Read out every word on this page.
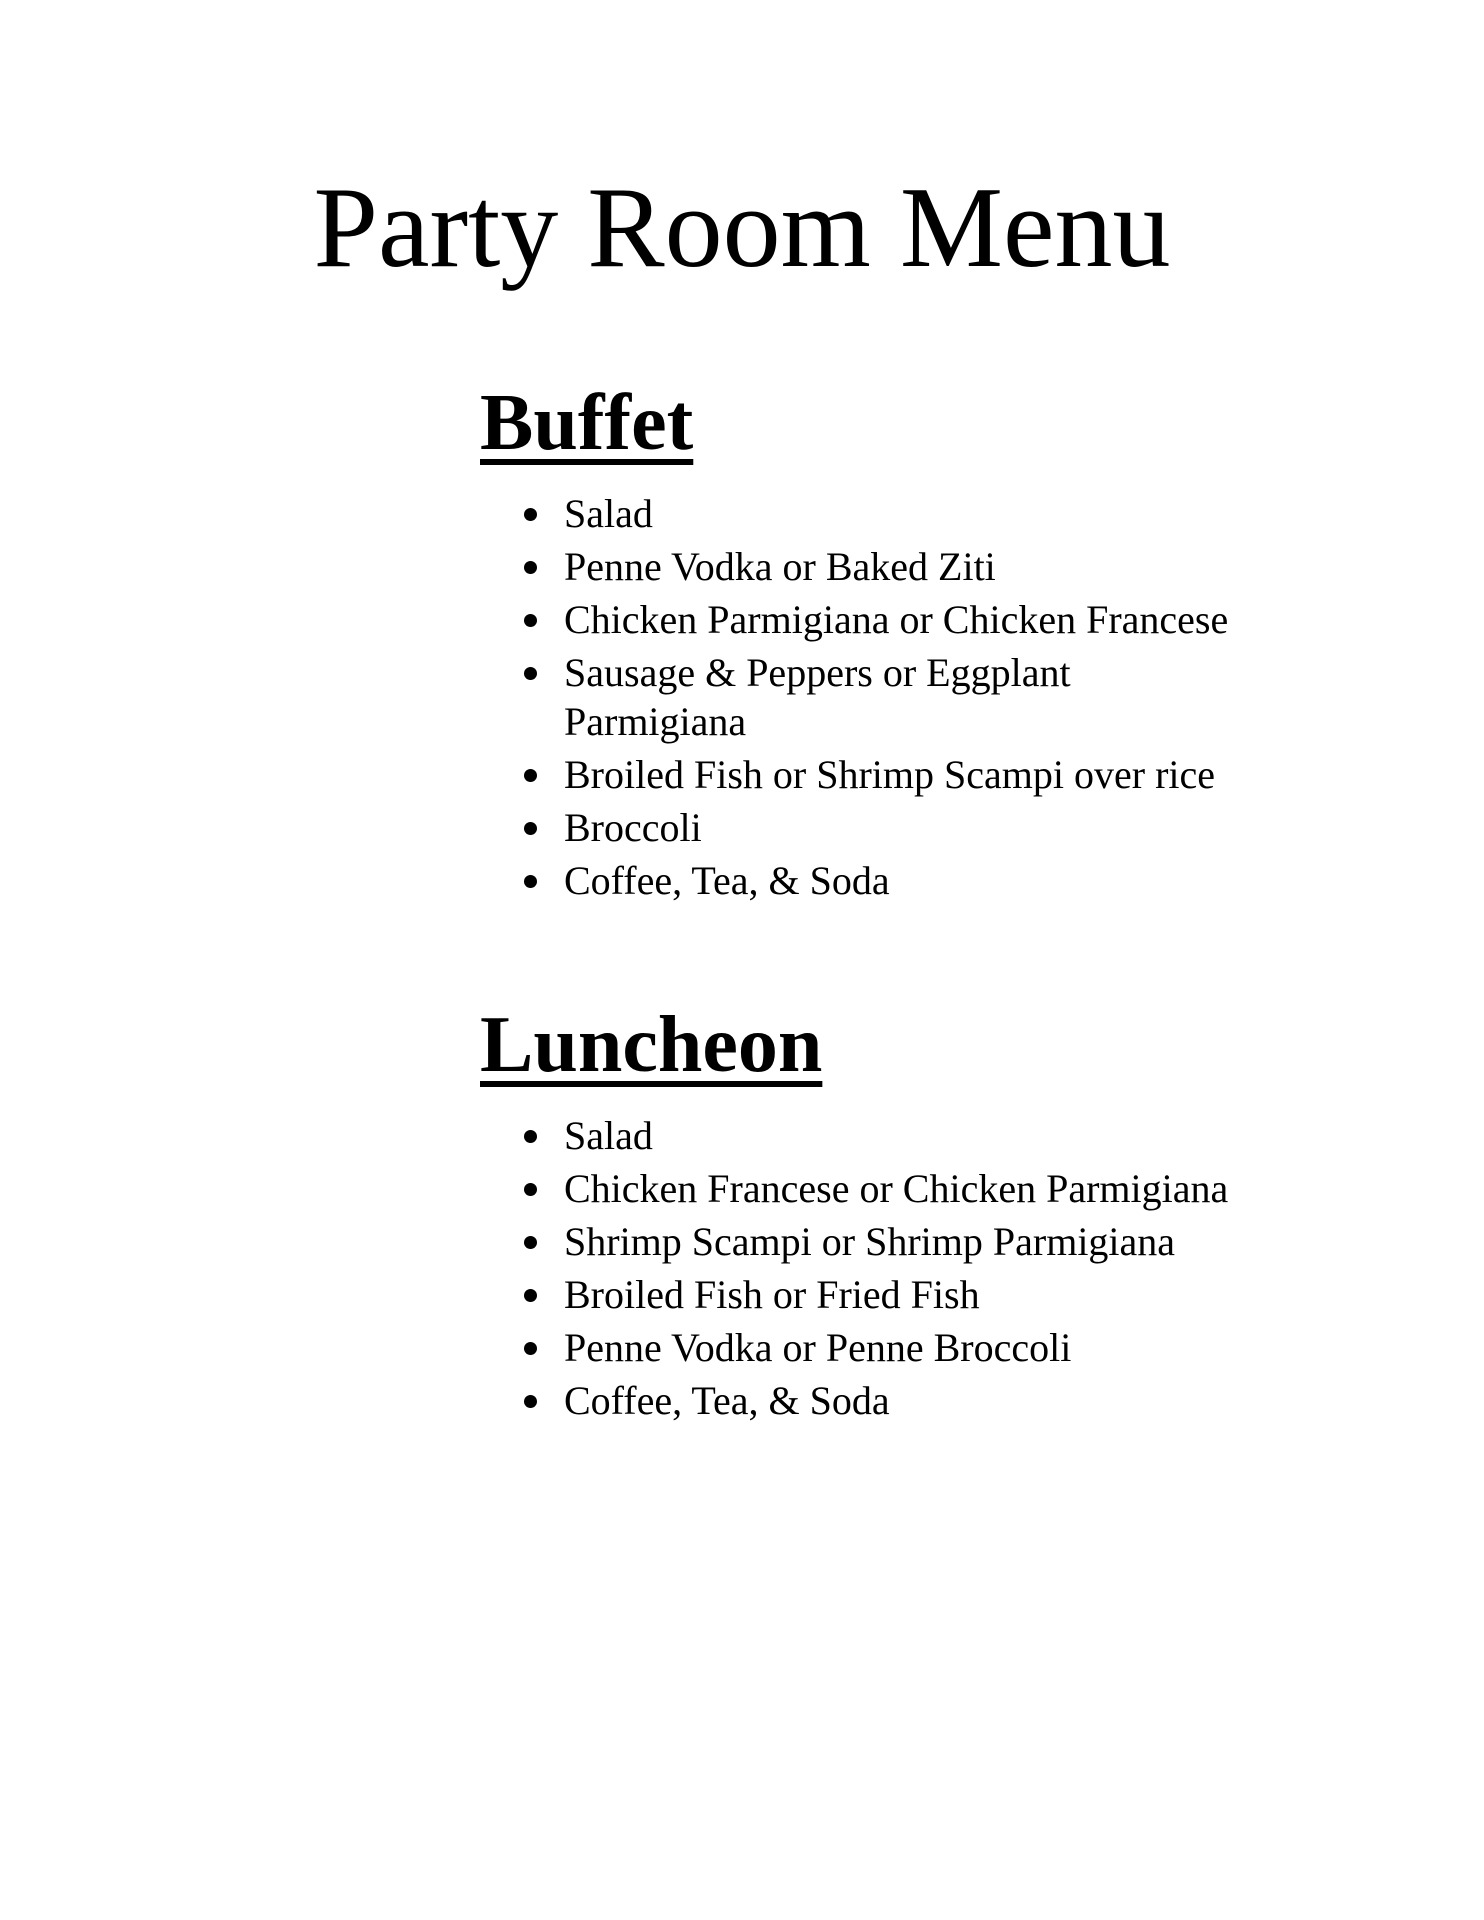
Party Room Menu
Buffet
Salad
Penne Vodka or Baked Ziti
Chicken Parmigiana or Chicken Francese
Sausage & Peppers or Eggplant Parmigiana
Broiled Fish or Shrimp Scampi over rice
Broccoli
Coffee, Tea, & Soda
Luncheon
Salad
Chicken Francese or Chicken Parmigiana
Shrimp Scampi or Shrimp Parmigiana
Broiled Fish or Fried Fish
Penne Vodka or Penne Broccoli
Coffee, Tea, & Soda
